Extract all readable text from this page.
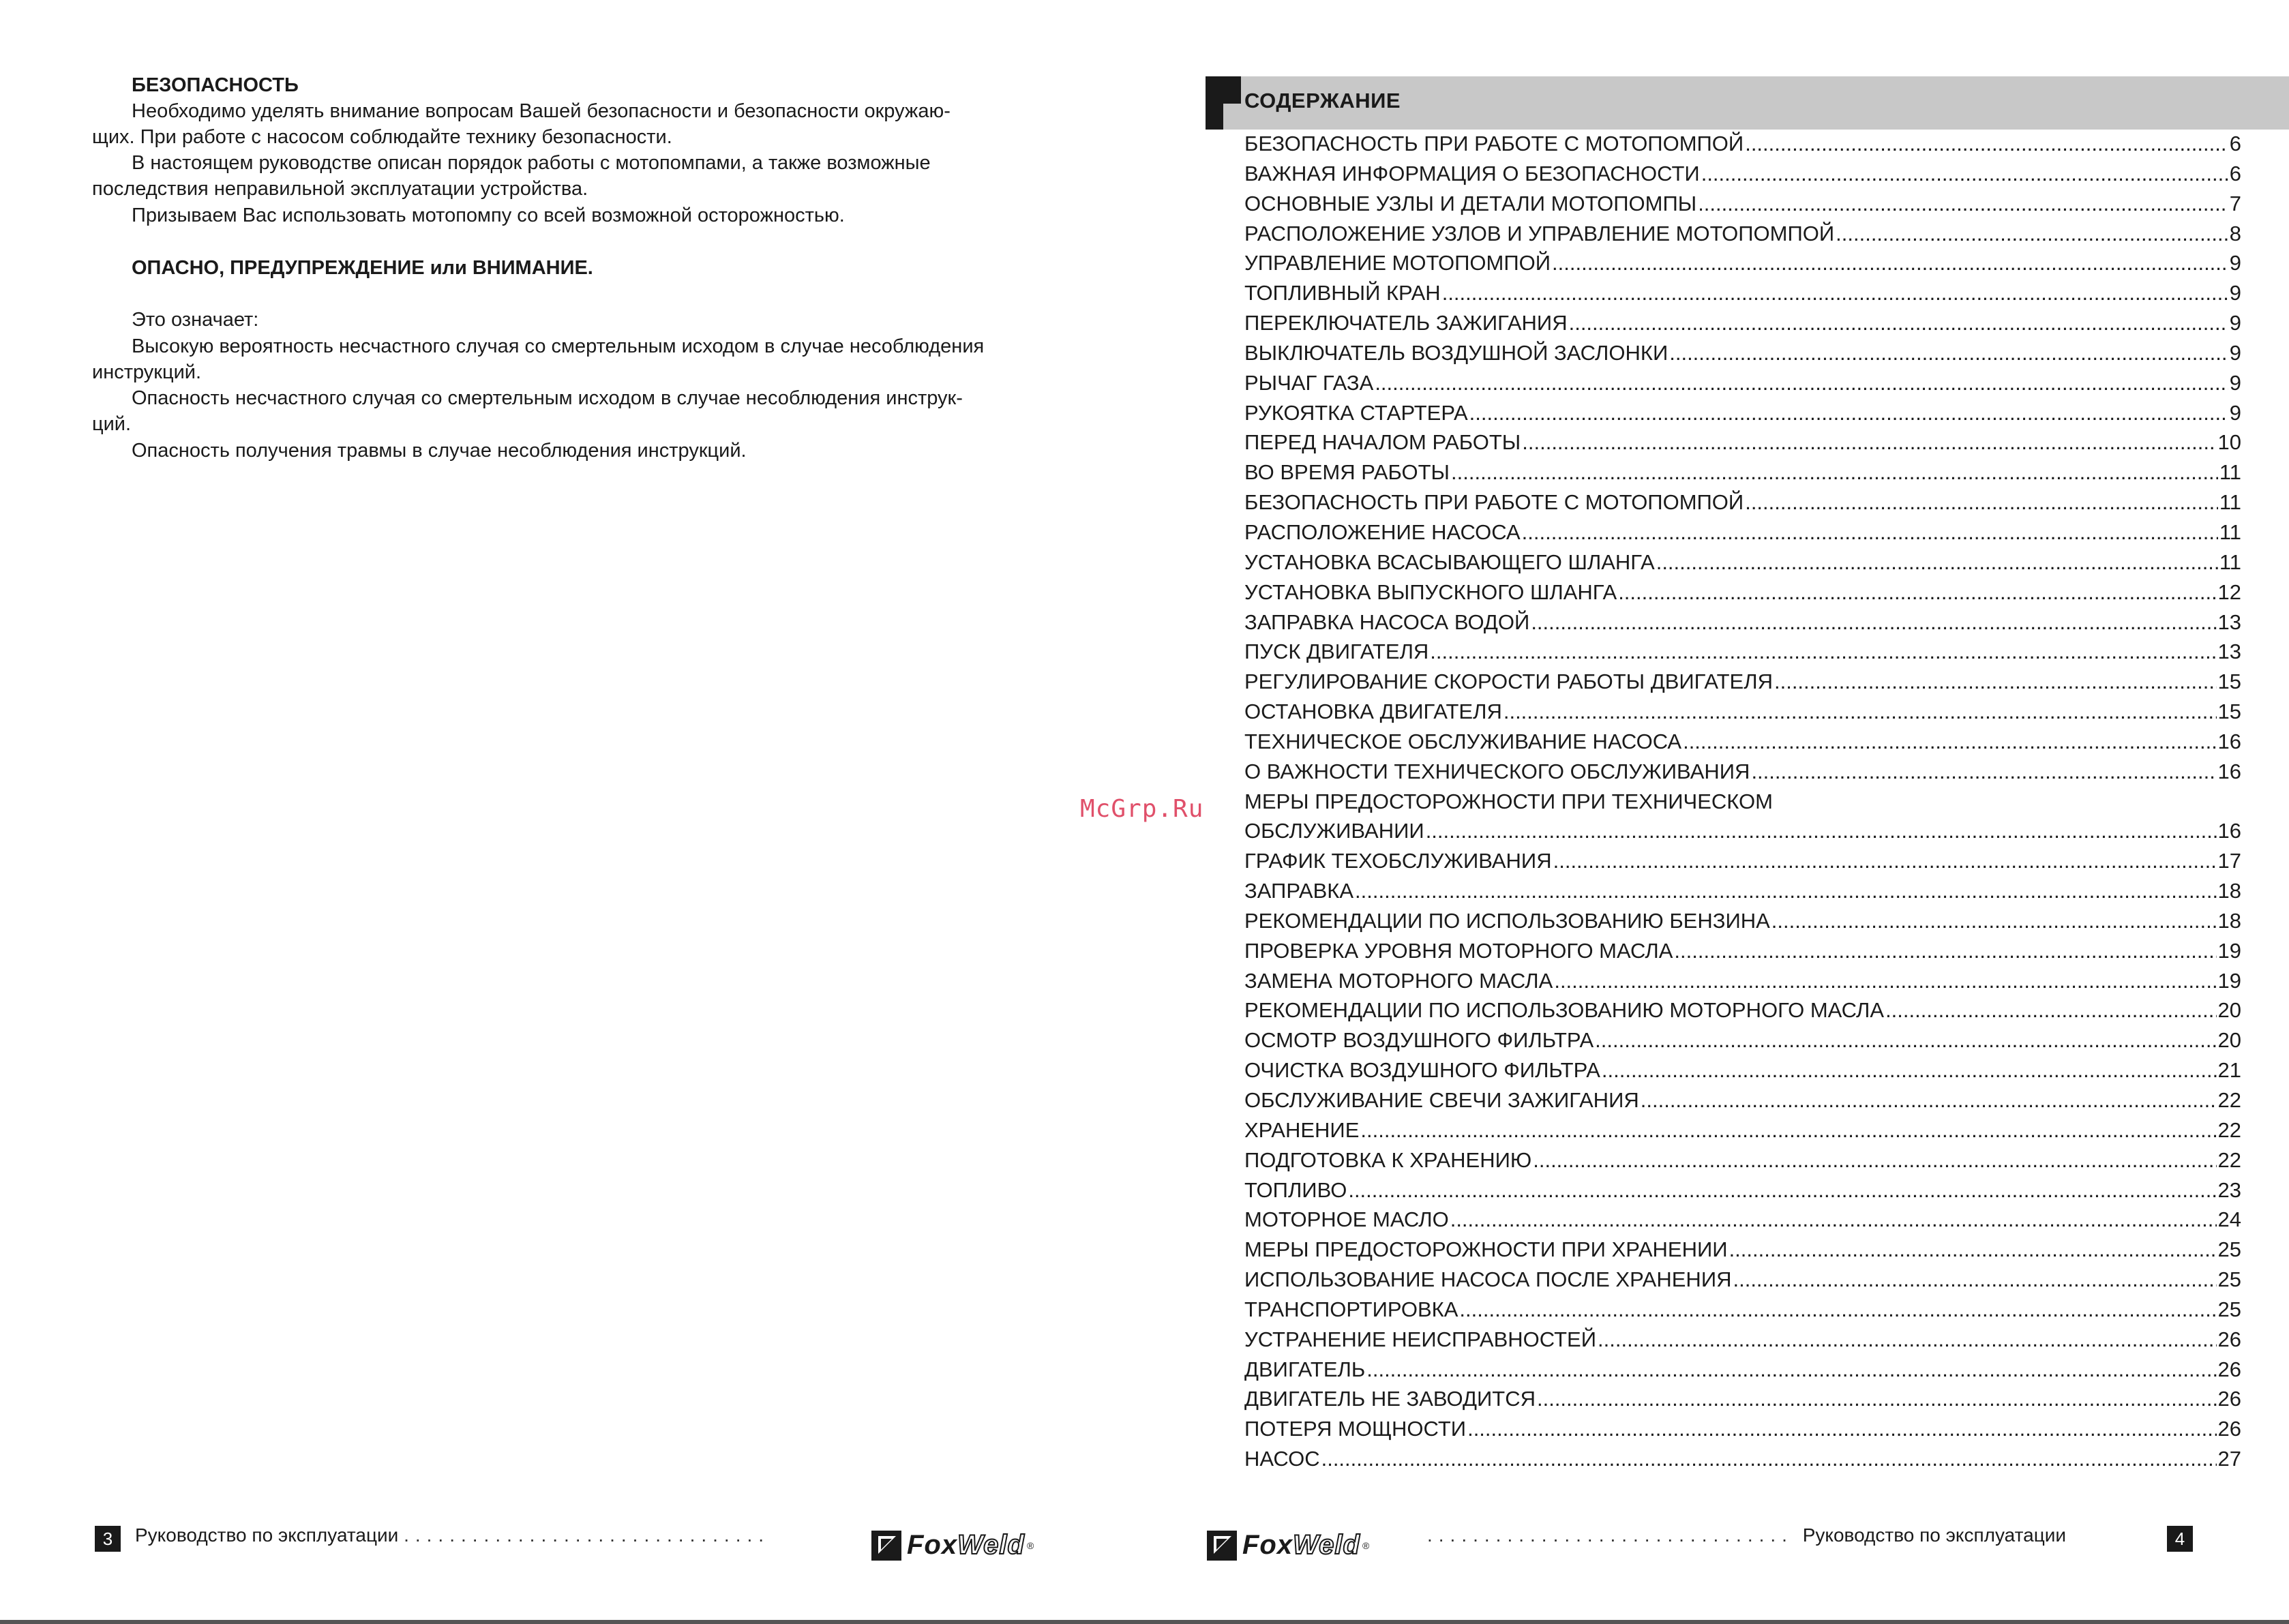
БЕЗОПАСНОСТЬ

Необходимо уделять внимание вопросам Вашей безопасности и безопасности окружаю-

щих. При работе с насосом соблюдайте технику безопасности.

В настоящем руководстве описан порядок работы с мотопомпами, а также возможные

последствия неправильной эксплуатации устройства.

Призываем Вас использовать мотопомпу со всей возможной осторожностью.

ОПАСНО, ПРЕДУПРЕЖДЕНИЕ или ВНИМАНИЕ.

Это означает:

Высокую вероятность несчастного случая со смертельным исходом в случае несоблюдения

инструкций.

Опасность несчастного случая со смертельным исходом в случае несоблюдения инструк-

ций.

Опасность получения травмы в случае несоблюдения инструкций.

3	Руководство по эксплуатации ................................	FoxWeld ®
СОДЕРЖАНИЕ
БЕЗОПАСНОСТЬ ПРИ РАБОТЕ С МОТОПОМПОЙ .....	6
ВАЖНАЯ ИНФОРМАЦИЯ О БЕЗОПАСНОСТИ .....	6
ОСНОВНЫЕ УЗЛЫ И ДЕТАЛИ МОТОПОМПЫ .....	7
РАСПОЛОЖЕНИЕ УЗЛОВ И УПРАВЛЕНИЕ МОТОПОМПОЙ .....	8
УПРАВЛЕНИЕ МОТОПОМПОЙ .....	9
ТОПЛИВНЫЙ КРАН .....	9
ПЕРЕКЛЮЧАТЕЛЬ ЗАЖИГАНИЯ .....	9
ВЫКЛЮЧАТЕЛЬ ВОЗДУШНОЙ ЗАСЛОНКИ .....	9
РЫЧАГ ГАЗА .....	9
РУКОЯТКА СТАРТЕРА .....	9
ПЕРЕД НАЧАЛОМ РАБОТЫ .....	10
ВО ВРЕМЯ РАБОТЫ .....	11
БЕЗОПАСНОСТЬ ПРИ РАБОТЕ С МОТОПОМПОЙ .....	11
РАСПОЛОЖЕНИЕ НАСОСА .....	11
УСТАНОВКА ВСАСЫВАЮЩЕГО ШЛАНГА .....	11
УСТАНОВКА ВЫПУСКНОГО ШЛАНГА .....	12
ЗАПРАВКА НАСОСА ВОДОЙ .....	13
ПУСК ДВИГАТЕЛЯ .....	13
РЕГУЛИРОВАНИЕ СКОРОСТИ РАБОТЫ ДВИГАТЕЛЯ .....	15
ОСТАНОВКА ДВИГАТЕЛЯ .....	15
ТЕХНИЧЕСКОЕ ОБСЛУЖИВАНИЕ НАСОСА .....	16
О ВАЖНОСТИ ТЕХНИЧЕСКОГО ОБСЛУЖИВАНИЯ .....	16
МЕРЫ ПРЕДОСТОРОЖНОСТИ ПРИ ТЕХНИЧЕСКОМ
ОБСЛУЖИВАНИИ .....	16
ГРАФИК ТЕХОБСЛУЖИВАНИЯ .....	17
ЗАПРАВКА .....	18
РЕКОМЕНДАЦИИ ПО ИСПОЛЬЗОВАНИЮ БЕНЗИНА .....	18
ПРОВЕРКА УРОВНЯ МОТОРНОГО МАСЛА .....	19
ЗАМЕНА МОТОРНОГО МАСЛА .....	19
РЕКОМЕНДАЦИИ ПО ИСПОЛЬЗОВАНИЮ МОТОРНОГО МАСЛА .....	20
ОСМОТР ВОЗДУШНОГО ФИЛЬТРА .....	20
ОЧИСТКА ВОЗДУШНОГО ФИЛЬТРА .....	21
ОБСЛУЖИВАНИЕ СВЕЧИ ЗАЖИГАНИЯ .....	22
ХРАНЕНИЕ .....	22
ПОДГОТОВКА К ХРАНЕНИЮ .....	22
ТОПЛИВО .....	23
МОТОРНОЕ МАСЛО .....	24
МЕРЫ ПРЕДОСТОРОЖНОСТИ ПРИ ХРАНЕНИИ .....	25
ИСПОЛЬЗОВАНИЕ НАСОСА ПОСЛЕ ХРАНЕНИЯ .....	25
ТРАНСПОРТИРОВКА .....	25
УСТРАНЕНИЕ НЕИСПРАВНОСТЕЙ .....	26
ДВИГАТЕЛЬ .....	26
ДВИГАТЕЛЬ НЕ ЗАВОДИТСЯ .....	26
ПОТЕРЯ МОЩНОСТИ .....	26
НАСОС .....	27
FoxWeld ®	................................ Руководство по эксплуатации	4
McGrp.Ru
